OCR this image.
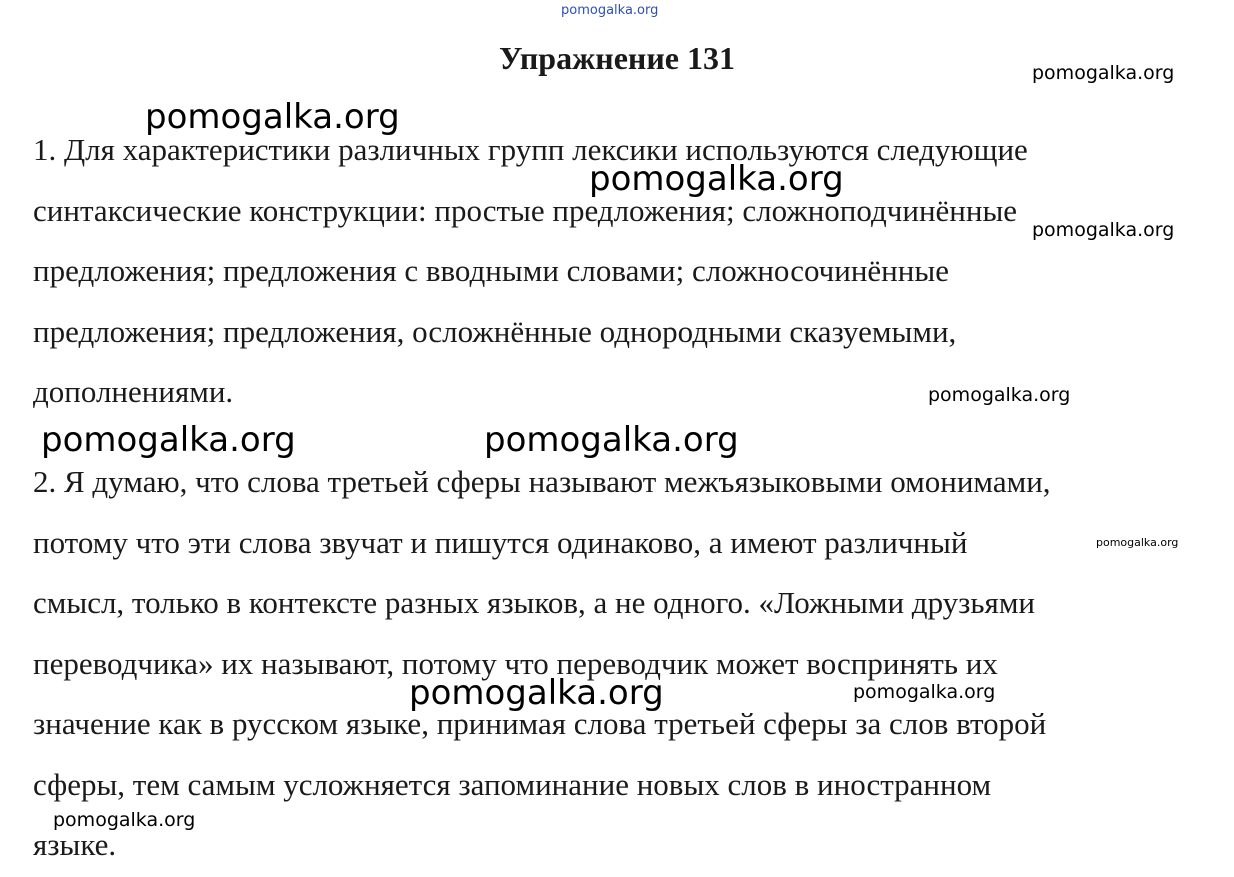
pomogalka.org
Упражнение 131

1. Для характеристики различных групп лексики используются следующие
синтаксические конструкции: простые предложения; сложноподчинённые
предложения; предложения с вводными словами; сложносочинённые
предложения; предложения, осложнённые однородными сказуемыми,
дополнениями.

2. Я думаю, что слова третьей сферы называют межъязыковыми омонимами,
потому что эти слова звучат и пишутся одинаково, а имеют различный
смысл, только в контексте разных языков, а не одного. «Ложными друзьями
переводчика» их называют, потому что переводчик может воспринять их
значение как в русском языке, принимая слова третьей сферы за слов второй
сферы, тем самым усложняется запоминание новых слов в иностранном
языке.

pomogalka.org
pomogalka.org
pomogalka.org
pomogalka.org
pomogalka.org
pomogalka.org	pomogalka.org
pomogalka.org
pomogalka.org	pomogalka.org
pomogalka.org
